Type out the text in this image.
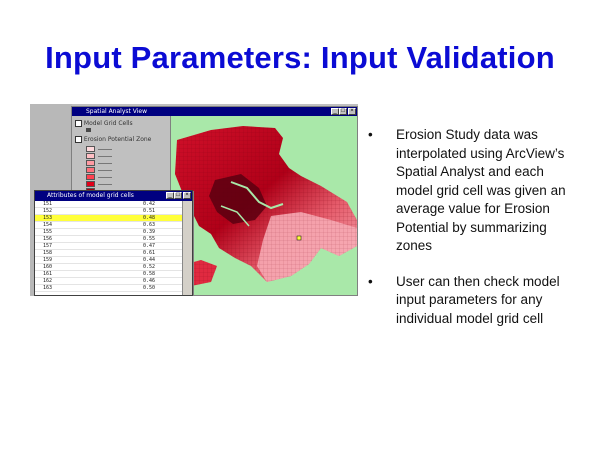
Input Parameters: Input Validation
Spatial Analyst View	_ □ ×
Model Grid Cells
Erosion Potential Zone
Attributes of model grid cells	_ □ ×
151	0.42
152	0.51
153	0.48
154	0.63
155	0.39
156	0.55
157	0.47
158	0.61
159	0.44
160	0.52
161	0.58
162	0.46
163	0.50
•	Erosion Study data was interpolated using ArcView’s Spatial Analyst and each model grid cell was given an average value for Erosion Potential by summarizing zones
•	User can then check model input parameters for any individual model grid cell
